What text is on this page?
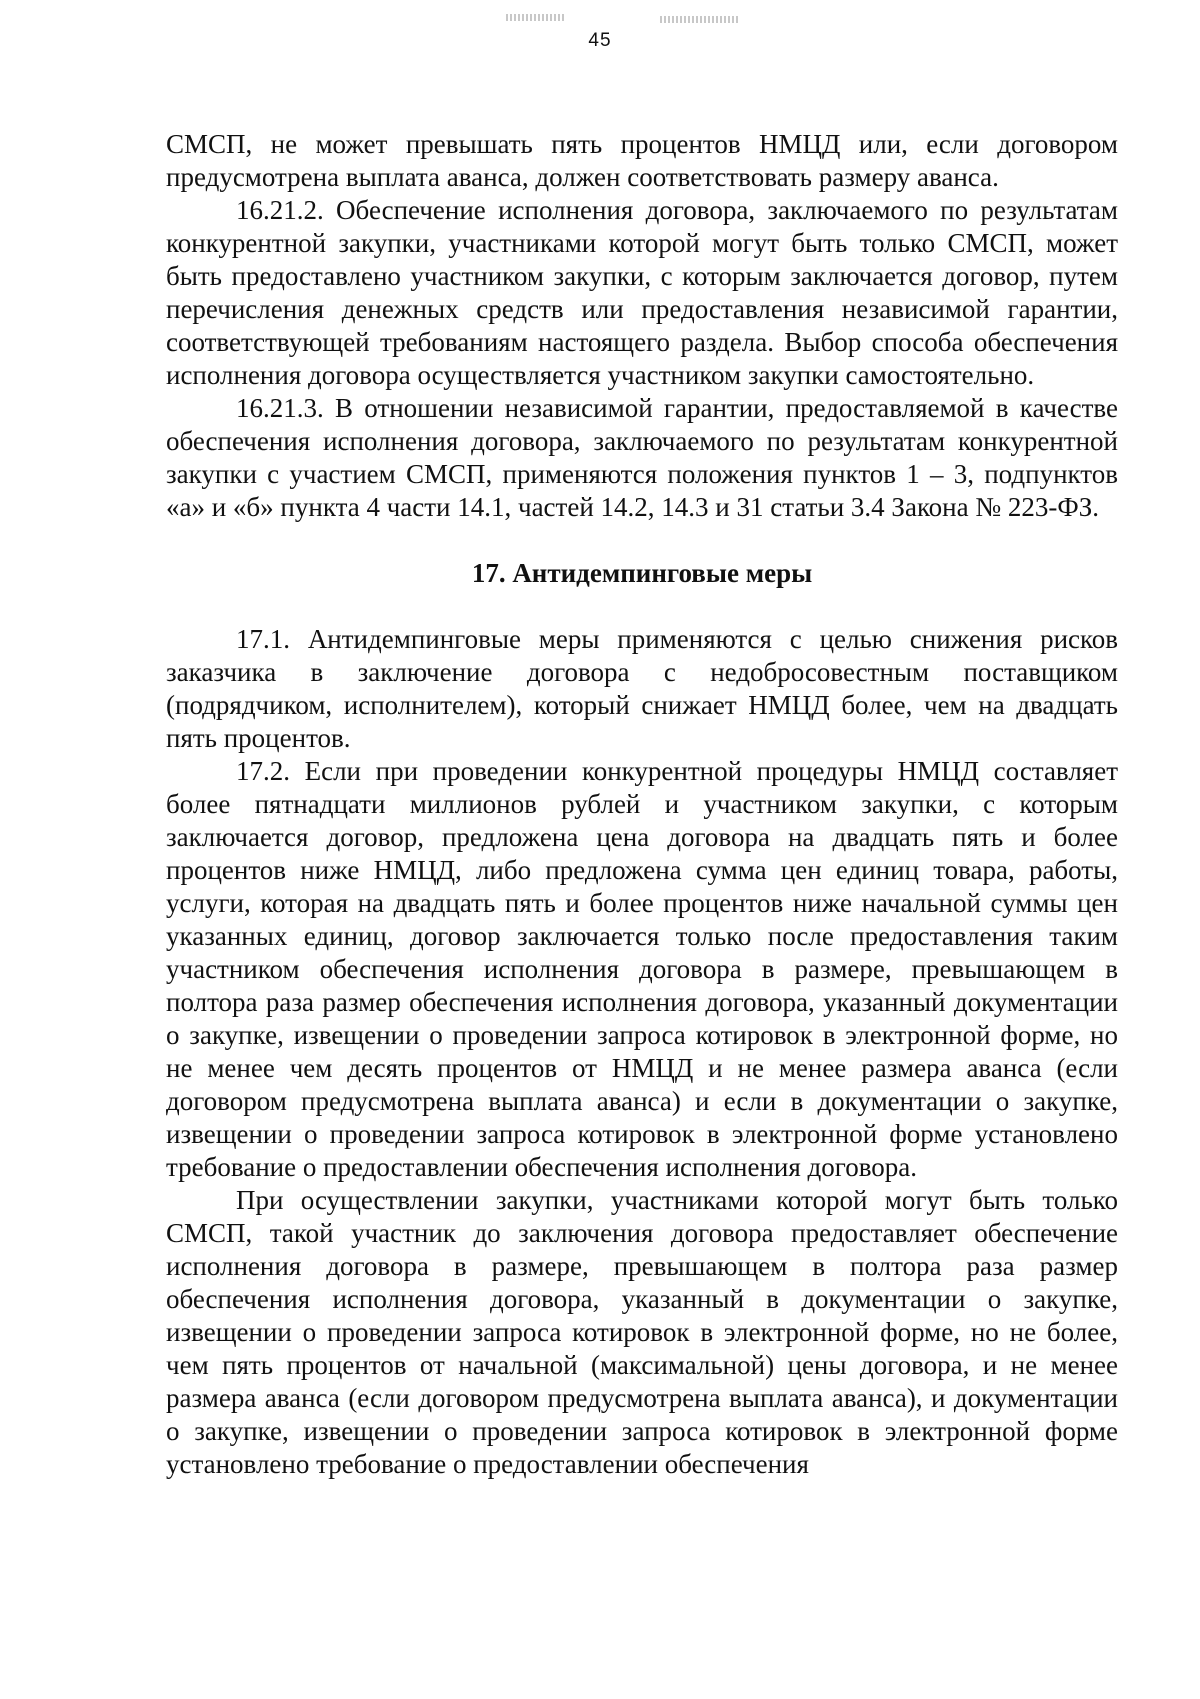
45

СМСП, не может превышать пять процентов НМЦД или, если договором предусмотрена выплата аванса, должен соответствовать размеру аванса.

16.21.2. Обеспечение исполнения договора, заключаемого по результатам конкурентной закупки, участниками которой могут быть только СМСП, может быть предоставлено участником закупки, с которым заключается договор, путем перечисления денежных средств или предоставления независимой гарантии, соответствующей требованиям настоящего раздела. Выбор способа обеспечения исполнения договора осуществляется участником закупки самостоятельно.

16.21.3. В отношении независимой гарантии, предоставляемой в качестве обеспечения исполнения договора, заключаемого по результатам конкурентной закупки с участием СМСП, применяются положения пунктов 1 – 3, подпунктов «а» и «б» пункта 4 части 14.1, частей 14.2, 14.3 и 31 статьи 3.4 Закона № 223-ФЗ.

17. Антидемпинговые меры

17.1. Антидемпинговые меры применяются с целью снижения рисков заказчика в заключение договора с недобросовестным поставщиком (подрядчиком, исполнителем), который снижает НМЦД более, чем на двадцать пять процентов.

17.2. Если при проведении конкурентной процедуры НМЦД составляет более пятнадцати миллионов рублей и участником закупки, с которым заключается договор, предложена цена договора на двадцать пять и более процентов ниже НМЦД, либо предложена сумма цен единиц товара, работы, услуги, которая на двадцать пять и более процентов ниже начальной суммы цен указанных единиц, договор заключается только после предоставления таким участником обеспечения исполнения договора в размере, превышающем в полтора раза размер обеспечения исполнения договора, указанный документации о закупке, извещении о проведении запроса котировок в электронной форме, но не менее чем десять процентов от НМЦД и не менее размера аванса (если договором предусмотрена выплата аванса) и если в документации о закупке, извещении о проведении запроса котировок в электронной форме установлено требование о предоставлении обеспечения исполнения договора.

При осуществлении закупки, участниками которой могут быть только СМСП, такой участник до заключения договора предоставляет обеспечение исполнения договора в размере, превышающем в полтора раза размер обеспечения исполнения договора, указанный в документации о закупке, извещении о проведении запроса котировок в электронной форме, но не более, чем пять процентов от начальной (максимальной) цены договора, и не менее размера аванса (если договором предусмотрена выплата аванса), и документации о закупке, извещении о проведении запроса котировок в электронной форме установлено требование о предоставлении обеспечения
